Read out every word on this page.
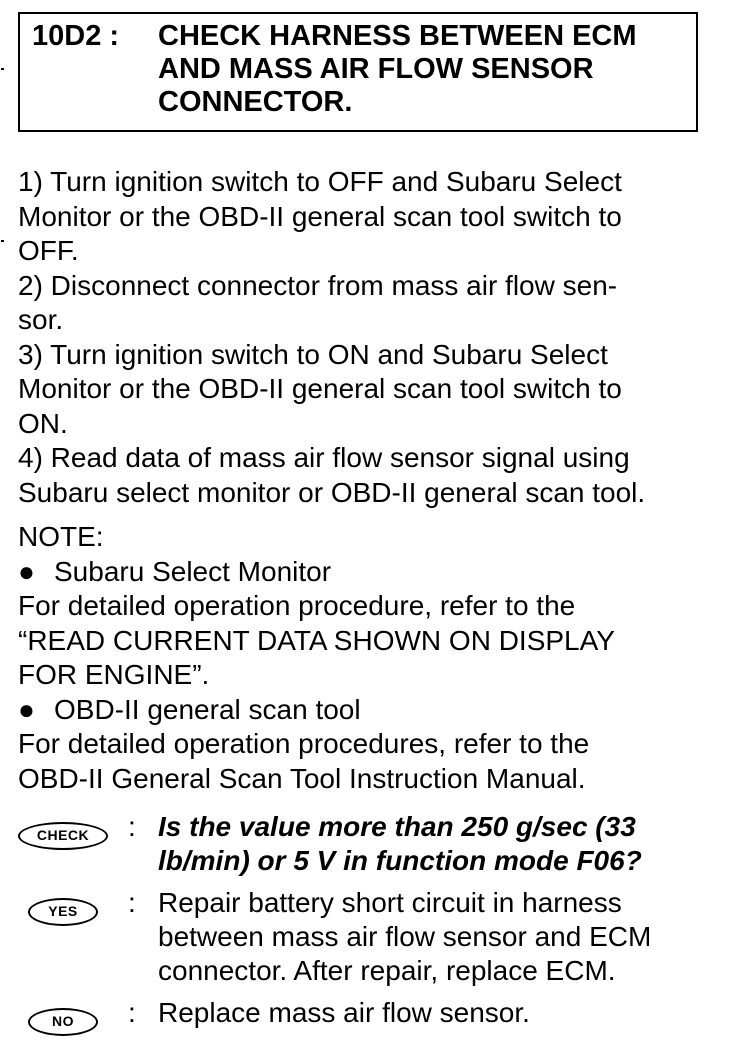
10D2 :	CHECK HARNESS BETWEEN ECM
AND MASS AIR FLOW SENSOR
CONNECTOR.
1) Turn ignition switch to OFF and Subaru Select
Monitor or the OBD-II general scan tool switch to
OFF.
2) Disconnect connector from mass air flow sen-
sor.
3) Turn ignition switch to ON and Subaru Select
Monitor or the OBD-II general scan tool switch to
ON.
4) Read data of mass air flow sensor signal using
Subaru select monitor or OBD-II general scan tool.
NOTE:
● Subaru Select Monitor
For detailed operation procedure, refer to the
“READ CURRENT DATA SHOWN ON DISPLAY
FOR ENGINE”.
● OBD-II general scan tool
For detailed operation procedures, refer to the
OBD-II General Scan Tool Instruction Manual.
CHECK	: Is the value more than 250 g/sec (33
lb/min) or 5 V in function mode F06?
YES	: Repair battery short circuit in harness
between mass air flow sensor and ECM
connector. After repair, replace ECM.
NO	: Replace mass air flow sensor.
